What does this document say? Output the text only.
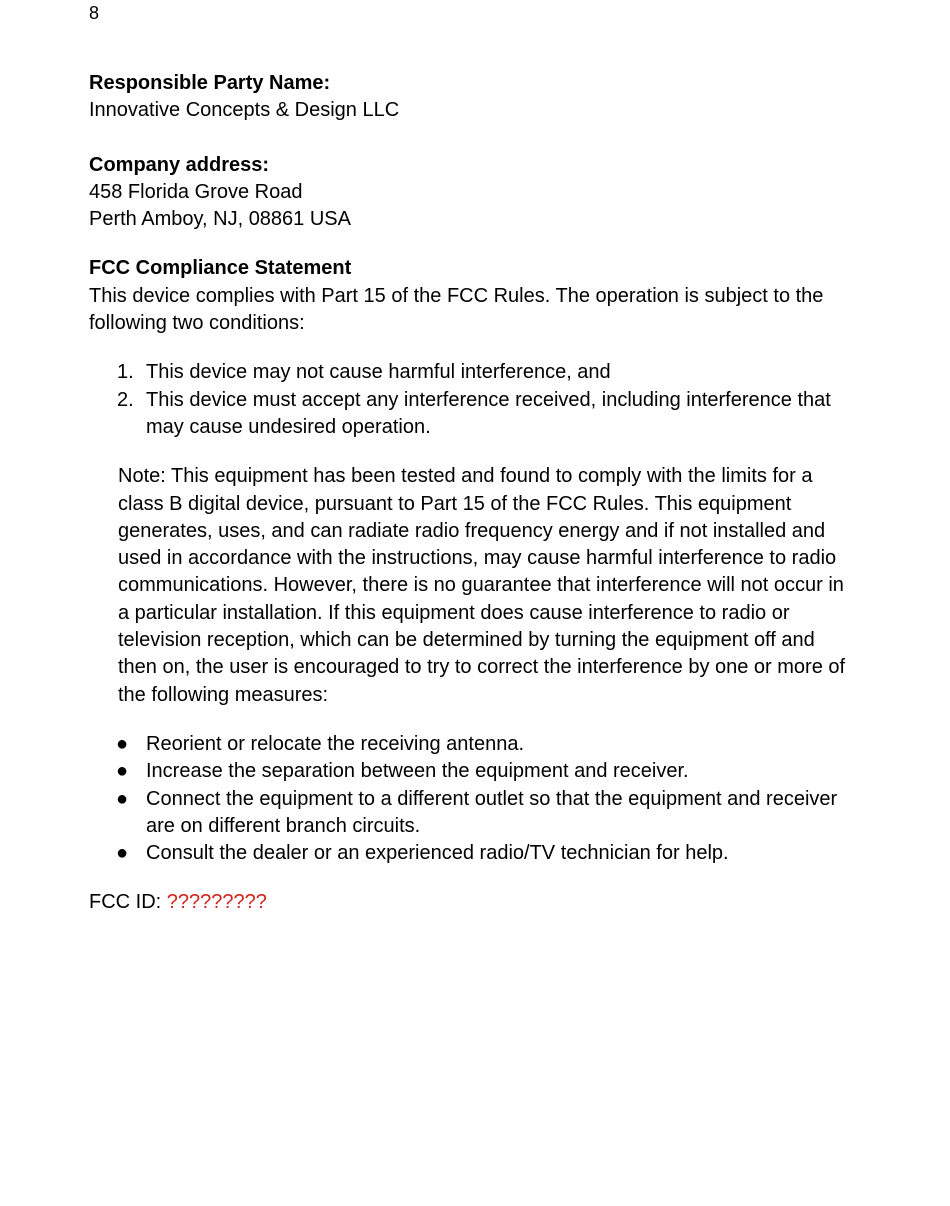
8

Responsible Party Name:

Innovative Concepts & Design LLC

Company address:

458 Florida Grove Road

Perth Amboy, NJ, 08861 USA

FCC Compliance Statement

This device complies with Part 15 of the FCC Rules. The operation is subject to the following two conditions:

1. This device may not cause harmful interference, and
2. This device must accept any interference received, including interference that may cause undesired operation.

Note: This equipment has been tested and found to comply with the limits for a class B digital device, pursuant to Part 15 of the FCC Rules. This equipment generates, uses, and can radiate radio frequency energy and if not installed and used in accordance with the instructions, may cause harmful interference to radio communications. However, there is no guarantee that interference will not occur in a particular installation. If this equipment does cause interference to radio or television reception, which can be determined by turning the equipment off and then on, the user is encouraged to try to correct the interference by one or more of the following measures:

● Reorient or relocate the receiving antenna.
● Increase the separation between the equipment and receiver.
● Connect the equipment to a different outlet so that the equipment and receiver are on different branch circuits.
● Consult the dealer or an experienced radio/TV technician for help.

FCC ID: ?????????
